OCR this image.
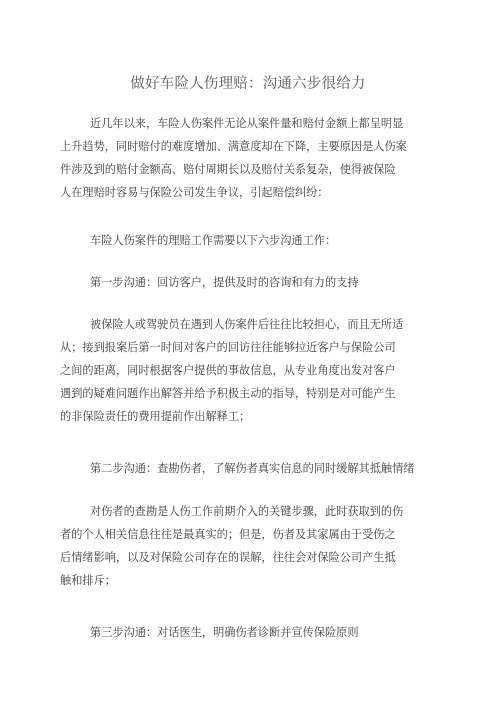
做好车险人伤理赔：沟通六步很给力
近几年以来，车险人伤案件无论从案件量和赔付金额上都呈明显
上升趋势，同时赔付的难度增加、满意度却在下降，主要原因是人伤案
件涉及到的赔付金额高、赔付周期长以及赔付关系复杂，使得被保险
人在理赔时容易与保险公司发生争议，引起赔偿纠纷：
车险人伤案件的理赔工作需要以下六步沟通工作：
第一步沟通：回访客户，提供及时的咨询和有力的支持
被保险人或驾驶员在遇到人伤案件后往往比较担心，而且无所适
从；接到报案后第一时间对客户的回访往往能够拉近客户与保险公司
之间的距离，同时根据客户提供的事故信息，从专业角度出发对客户
遇到的疑难问题作出解答并给予积极主动的指导，特别是对可能产生
的非保险责任的费用提前作出解释工；
第二步沟通：查勘伤者，了解伤者真实信息的同时缓解其抵触情绪
对伤者的查勘是人伤工作前期介入的关键步骤，此时获取到的伤
者的个人相关信息往往是最真实的；但是，伤者及其家属由于受伤之
后情绪影响，以及对保险公司存在的误解，往往会对保险公司产生抵
触和排斥；
第三步沟通：对话医生，明确伤者诊断并宣传保险原则
